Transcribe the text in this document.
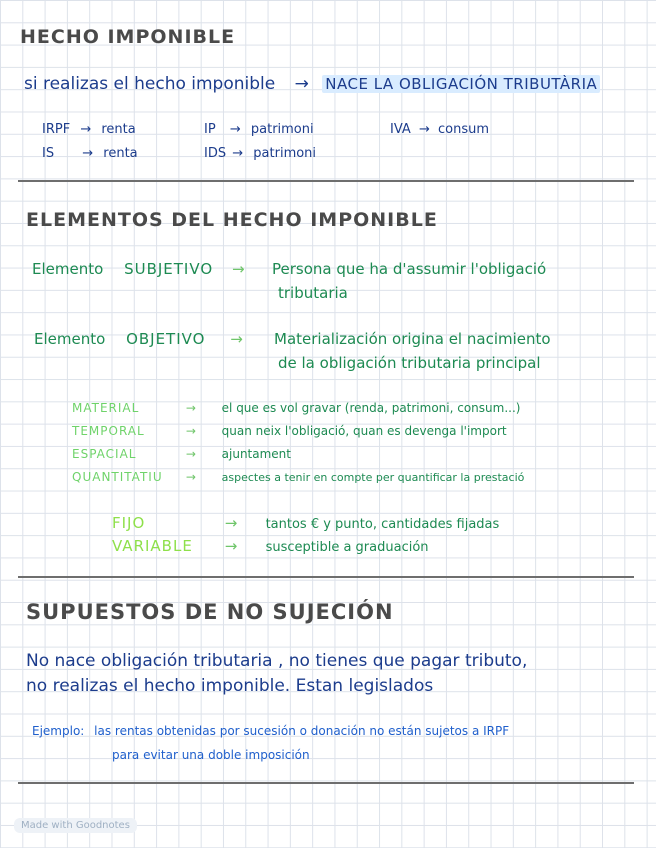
HECHO IMPONIBLE
si realizas el hecho imponible → NACE LA OBLIGACIÓN TRIBUTÀRIA
IRPF → renta
IS → renta
IP → patrimoni
IDS → patrimoni
IVA → consum
ELEMENTOS DEL HECHO IMPONIBLE
Elemento SUBJETIVO → Persona que ha d'assumir l'obligació
tributaria
Elemento OBJETIVO → Materialización origina el nacimiento
de la obligación tributaria principal
MATERIAL	→ el que es vol gravar (renda, patrimoni, consum...)
TEMPORAL	→ quan neix l'obligació, quan es devenga l'import
ESPACIAL	→ ajuntament
QUANTITATIU → aspectes a tenir en compte per quantificar la prestació
FIJO	→ tantos € y punto, cantidades fijadas
VARIABLE → susceptible a graduación
SUPUESTOS DE NO SUJECIÓN
No nace obligación tributaria , no tienes que pagar tributo,
no realizas el hecho imponible. Estan legislados
Ejemplo: las rentas obtenidas por sucesión o donación no están sujetos a IRPF
para evitar una doble imposición
Made with Goodnotes
